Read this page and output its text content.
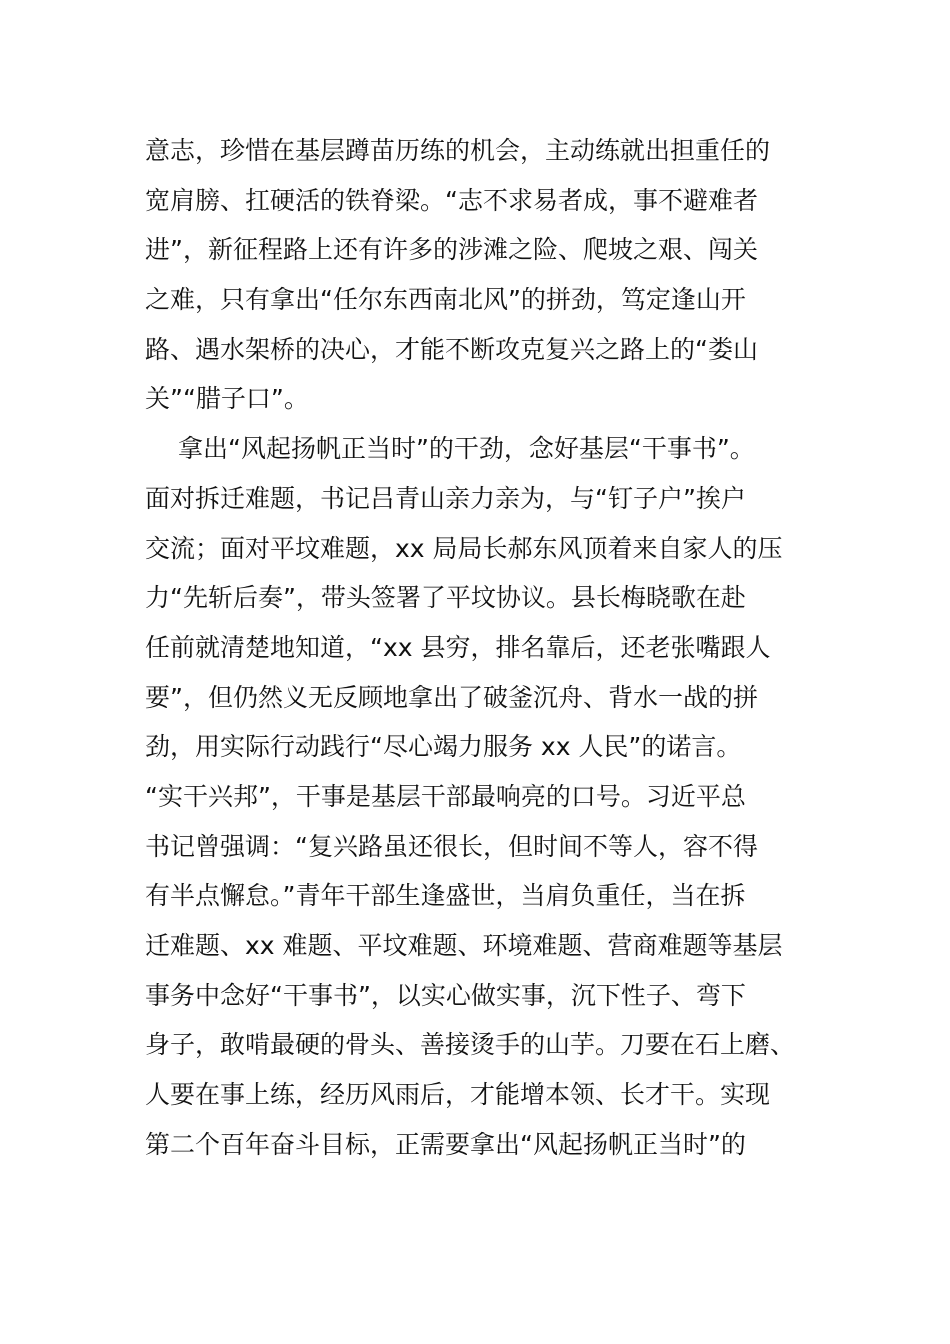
意志，珍惜在基层蹲苗历练的机会，主动练就出担重任的
宽肩膀、扛硬活的铁脊梁。“志不求易者成，事不避难者
进”，新征程路上还有许多的涉滩之险、爬坡之艰、闯关
之难，只有拿出“任尔东西南北风”的拼劲，笃定逢山开
路、遇水架桥的决心，才能不断攻克复兴之路上的“娄山
关”“腊子口”。
拿出“风起扬帆正当时”的干劲，念好基层“干事书”。
面对拆迁难题，书记吕青山亲力亲为，与“钉子户”挨户
交流；面对平坟难题，xx 局局长郝东风顶着来自家人的压
力“先斩后奏”，带头签署了平坟协议。县长梅晓歌在赴
任前就清楚地知道，“xx 县穷，排名靠后，还老张嘴跟人
要”，但仍然义无反顾地拿出了破釜沉舟、背水一战的拼
劲，用实际行动践行“尽心竭力服务 xx 人民”的诺言。
“实干兴邦”，干事是基层干部最响亮的口号。习近平总
书记曾强调：“复兴路虽还很长，但时间不等人，容不得
有半点懈怠。”青年干部生逢盛世，当肩负重任，当在拆
迁难题、xx 难题、平坟难题、环境难题、营商难题等基层
事务中念好“干事书”，以实心做实事，沉下性子、弯下
身子，敢啃最硬的骨头、善接烫手的山芋。刀要在石上磨、
人要在事上练，经历风雨后，才能增本领、长才干。实现
第二个百年奋斗目标，正需要拿出“风起扬帆正当时”的
